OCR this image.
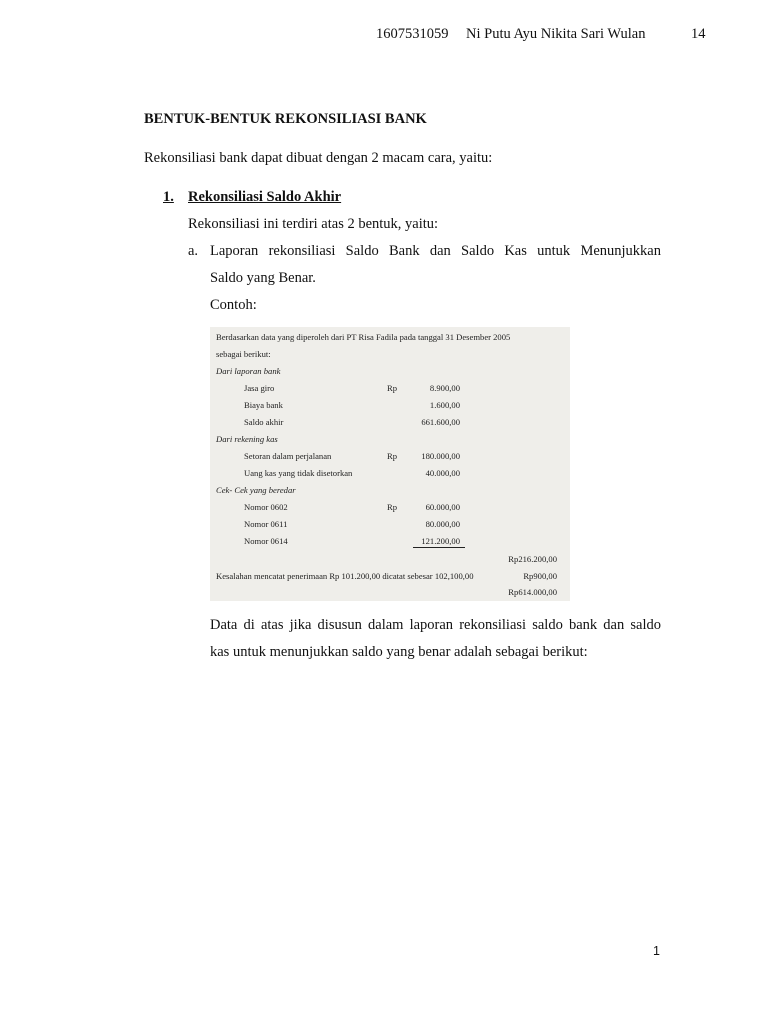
1607531059 Ni Putu Ayu Nikita Sari Wulan	14
BENTUK-BENTUK REKONSILIASI BANK
Rekonsiliasi bank dapat dibuat dengan 2 macam cara, yaitu:
1. Rekonsiliasi Saldo Akhir
Rekonsiliasi ini terdiri atas 2 bentuk, yaitu:
a. Laporan rekonsiliasi Saldo Bank dan Saldo Kas untuk Menunjukkan
Saldo yang Benar.
Contoh:
Berdasarkan data yang diperoleh dari PT Risa Fadila pada tanggal 31 Desember 2005
sebagai berikut:
Dari laporan bank
Jasa giro	Rp	8.900,00
Biaya bank	1.600,00
Saldo akhir	661.600,00
Dari rekening kas
Setoran dalam perjalanan	Rp	180.000,00
Uang kas yang tidak disetorkan	40.000,00
Cek- Cek yang beredar
Nomor 0602	Rp	60.000,00
Nomor 0611	80.000,00
Nomor 0614	121.200,00
Rp216.200,00
Kesalahan mencatat penerimaan Rp 101.200,00 dicatat sebesar 102,100,00	Rp900,00
Rp614.000,00
Data di atas jika disusun dalam laporan rekonsiliasi saldo bank dan saldo
kas untuk menunjukkan saldo yang benar adalah sebagai berikut:
1
